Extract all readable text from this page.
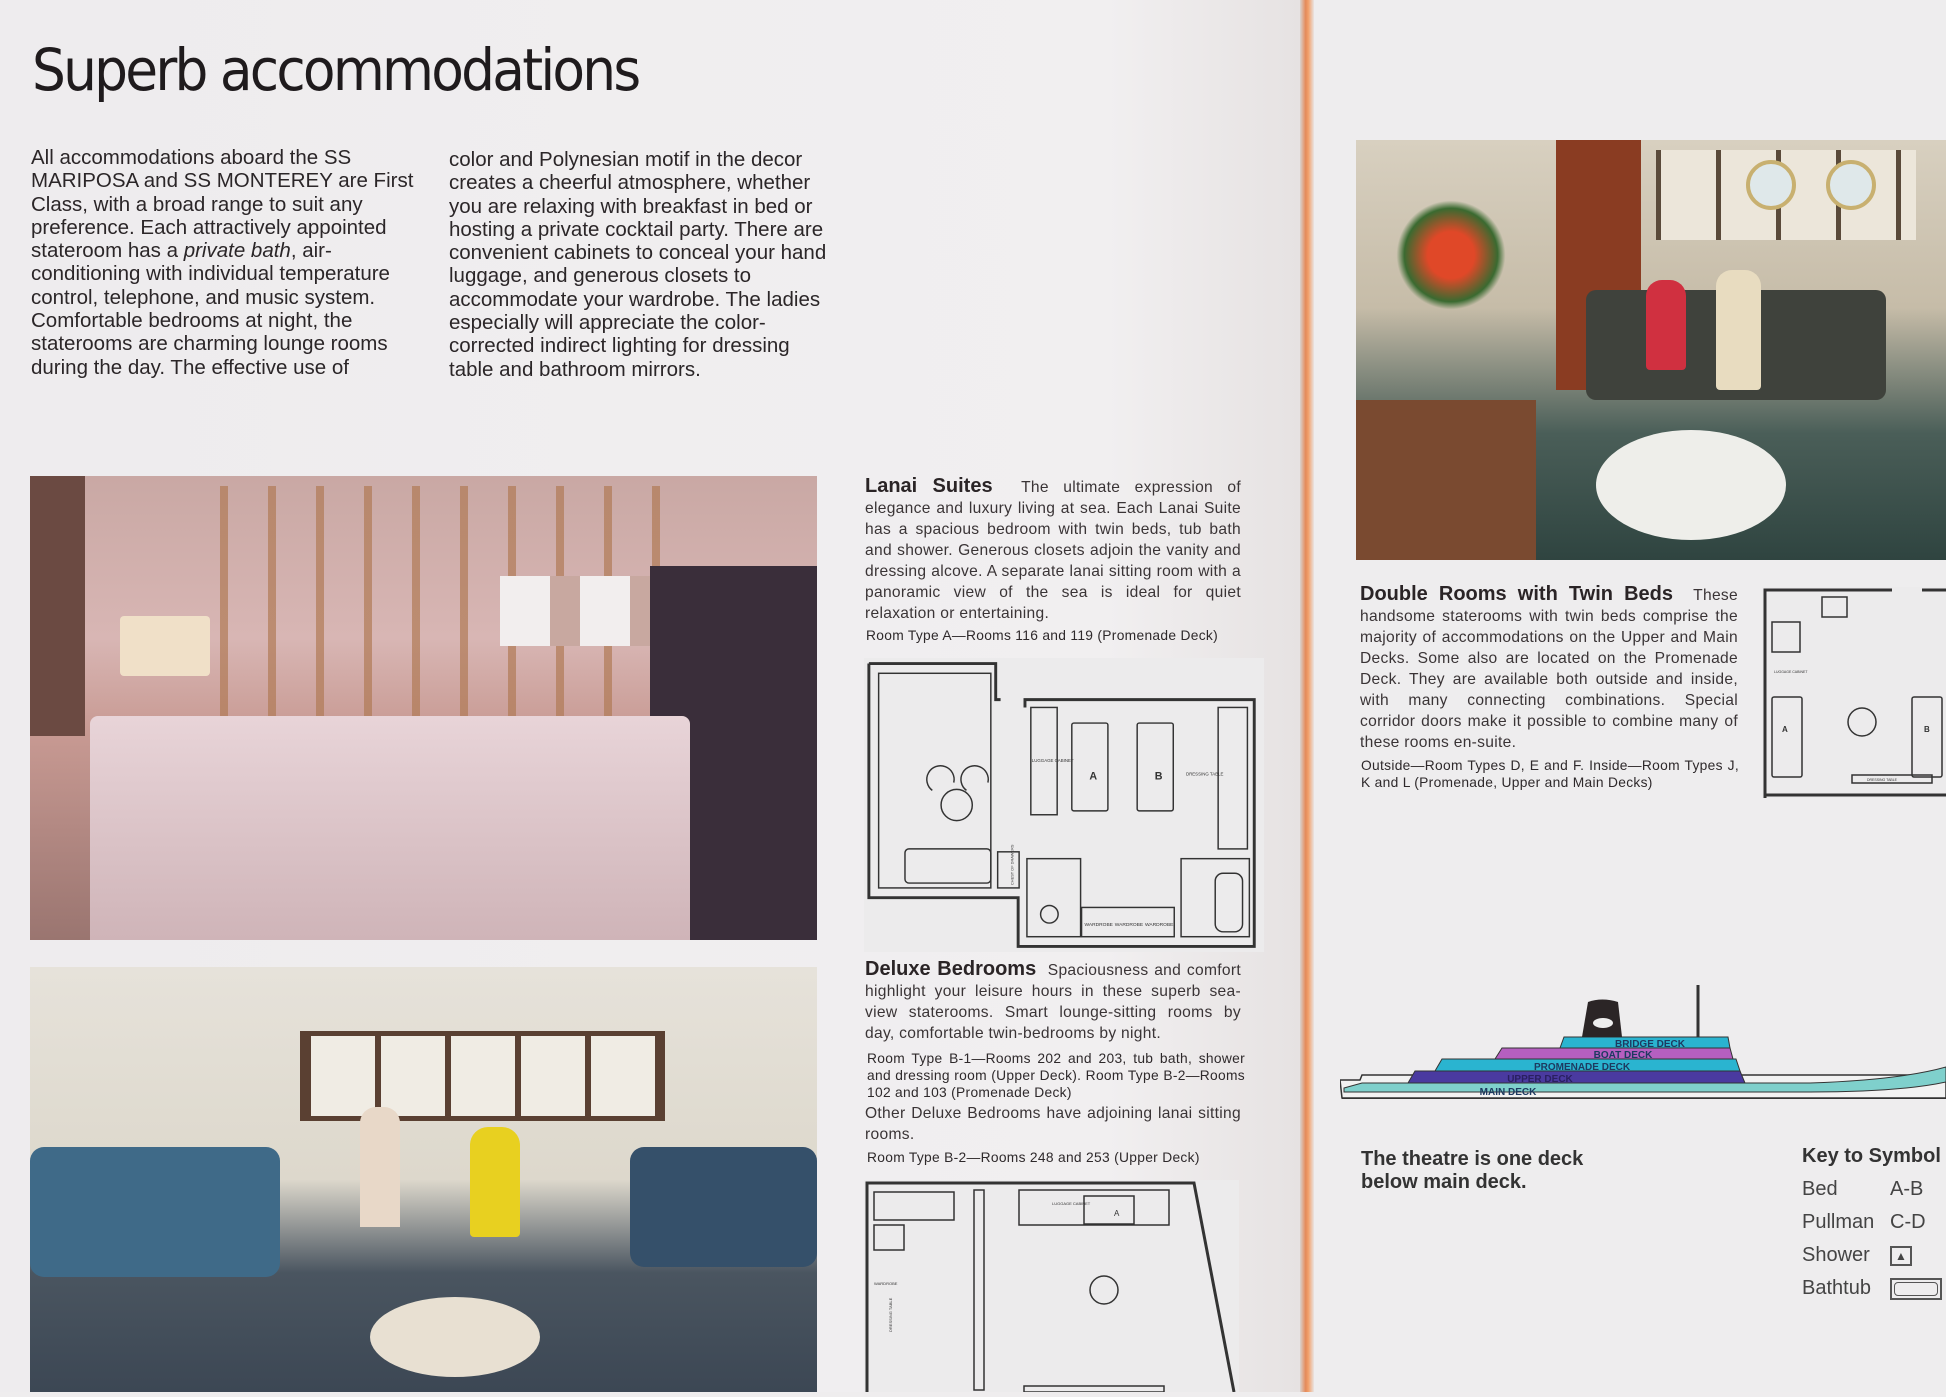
Superb accommodations
All accommodations aboard the SS MARIPOSA and SS MONTEREY are First Class, with a broad range to suit any preference. Each attractively appointed stateroom has a private bath, air-conditioning with individual temperature control, telephone, and music system.
Comfortable bedrooms at night, the staterooms are charming lounge rooms during the day. The effective use of
color and Polynesian motif in the decor creates a cheerful atmosphere, whether you are relaxing with breakfast in bed or hosting a private cocktail party. There are convenient cabinets to conceal your hand luggage, and generous closets to accommodate your wardrobe. The ladies especially will appreciate the color-corrected indirect lighting for dressing table and bathroom mirrors.
Lanai Suites The ultimate expression of elegance and luxury living at sea. Each Lanai Suite has a spacious bedroom with twin beds, tub bath and shower. Generous closets adjoin the vanity and dressing alcove. A separate lanai sitting room with a panoramic view of the sea is ideal for quiet relaxation or entertaining.
Room Type A—Rooms 116 and 119 (Promenade Deck)
A	B
LUGGAGE CABINET
DRESSING TABLE
CHEST OF DRAWERS
WARDROBE WARDROBE WARDROBE
Deluxe Bedrooms Spaciousness and comfort highlight your leisure hours in these superb sea-view staterooms. Smart lounge-sitting rooms by day, comfortable twin-bedrooms by night.
Room Type B-1—Rooms 202 and 203, tub bath, shower and dressing room (Upper Deck). Room Type B-2—Rooms 102 and 103 (Promenade Deck)
Other Deluxe Bedrooms have adjoining lanai sitting rooms.
Room Type B-2—Rooms 248 and 253 (Upper Deck)
A
LUGGAGE CABINET
WARDROBE
DRESSING TABLE
Double Rooms with Twin Beds These handsome staterooms with twin beds comprise the majority of accommodations on the Upper and Main Decks. Some also are located on the Promenade Deck. They are available both outside and inside, with many connecting combinations. Special corridor doors make it possible to combine many of these rooms en-suite.
Outside—Room Types D, E and F. Inside—Room Types J, K and L (Promenade, Upper and Main Decks)
A	B
LUGGAGE CABINET
DRESSING TABLE
BRIDGE DECK
BOAT DECK
PROMENADE DECK
UPPER DECK
MAIN DECK
The theatre is one deck below main deck.
Key to Symbol
Bed	A-B
Pullman C-D
Shower ▲
Bathtub
